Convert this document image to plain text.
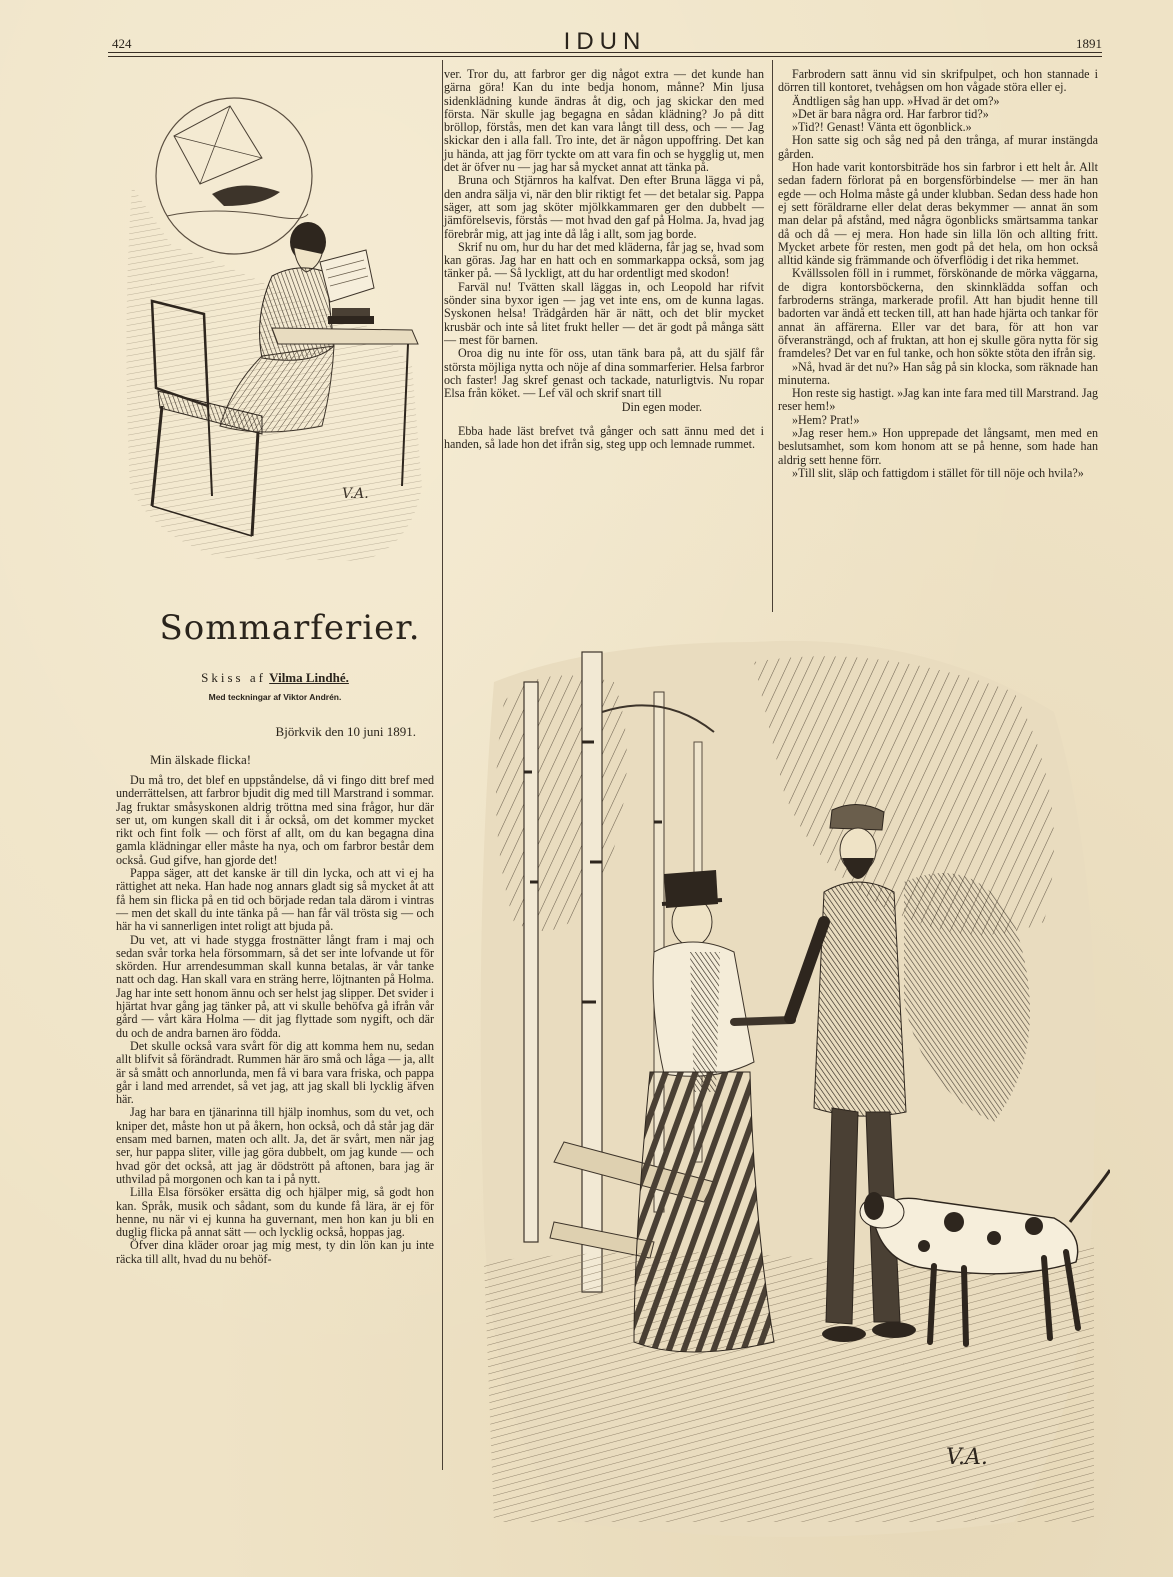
424	IDUN	1891
V.A.
Sommarferier.
Skiss af Vilma Lindhé.
Med teckningar af Viktor Andrén.
Björkvik den 10 juni 1891.
Min älskade flicka!

Du må tro, det blef en uppståndelse, då vi fingo ditt bref med underrättelsen, att farbror bjudit dig med till Marstrand i sommar. Jag fruktar småsyskonen aldrig tröttna med sina frågor, hur där ser ut, om kungen skall dit i år också, om det kommer mycket rikt och fint folk — och först af allt, om du kan begagna dina gamla klädningar eller måste ha nya, och om farbror består dem också. Gud gifve, han gjorde det!

Pappa säger, att det kanske är till din lycka, och att vi ej ha rättighet att neka. Han hade nog annars gladt sig så mycket åt att få hem sin flicka på en tid och började redan tala därom i vintras — men det skall du inte tänka på — han får väl trösta sig — och här ha vi sannerligen intet roligt att bjuda på.

Du vet, att vi hade stygga frostnätter långt fram i maj och sedan svår torka hela försommarn, så det ser inte lofvande ut för skörden. Hur arrendesumman skall kunna betalas, är vår tanke natt och dag. Han skall vara en sträng herre, löjtnanten på Holma. Jag har inte sett honom ännu och ser helst jag slipper. Det svider i hjärtat hvar gång jag tänker på, att vi skulle behöfva gå ifrån vår gård — vårt kära Holma — dit jag flyttade som nygift, och där du och de andra barnen äro födda.

Det skulle också vara svårt för dig att komma hem nu, sedan allt blifvit så förändradt. Rummen här äro små och låga — ja, allt är så smått och annorlunda, men få vi bara vara friska, och pappa går i land med arrendet, så vet jag, att jag skall bli lycklig äfven här.

Jag har bara en tjänarinna till hjälp inomhus, som du vet, och kniper det, måste hon ut på åkern, hon också, och då står jag där ensam med barnen, maten och allt. Ja, det är svårt, men när jag ser, hur pappa sliter, ville jag göra dubbelt, om jag kunde — och hvad gör det också, att jag är dödstrött på aftonen, bara jag är uthvilad på morgonen och kan ta i på nytt.

Lilla Elsa försöker ersätta dig och hjälper mig, så godt hon kan. Språk, musik och sådant, som du kunde få lära, är ej för henne, nu när vi ej kunna ha guvernant, men hon kan ju bli en duglig flicka på annat sätt — och lycklig också, hoppas jag.

Öfver dina kläder oroar jag mig mest, ty din lön kan ju inte räcka till allt, hvad du nu behöf-

ver. Tror du, att farbror ger dig något extra — det kunde han gärna göra! Kan du inte bedja honom, månne? Min ljusa sidenklädning kunde ändras åt dig, och jag skickar den med första. När skulle jag begagna en sådan klädning? Jo på ditt bröllop, förstås, men det kan vara långt till dess, och — — Jag skickar den i alla fall. Tro inte, det är någon uppoffring. Det kan ju hända, att jag förr tyckte om att vara fin och se hygglig ut, men det är öfver nu — jag har så mycket annat att tänka på.

Bruna och Stjärnros ha kalfvat. Den efter Bruna lägga vi på, den andra sälja vi, när den blir riktigt fet — det betalar sig. Pappa säger, att som jag sköter mjölkkammaren ger den dubbelt — jämförelsevis, förstås — mot hvad den gaf på Holma. Ja, hvad jag förebrår mig, att jag inte då låg i allt, som jag borde.

Skrif nu om, hur du har det med kläderna, får jag se, hvad som kan göras. Jag har en hatt och en sommarkappa också, som jag tänker på. — Så lyckligt, att du har ordentligt med skodon!

Farväl nu! Tvätten skall läggas in, och Leopold har rifvit sönder sina byxor igen — jag vet inte ens, om de kunna lagas. Syskonen helsa! Trädgården här är nätt, och det blir mycket krusbär och inte så litet frukt heller — det är godt på många sätt — mest för barnen.

Oroa dig nu inte för oss, utan tänk bara på, att du själf får största möjliga nytta och nöje af dina sommarferier. Helsa farbror och faster! Jag skref genast och tackade, naturligtvis. Nu ropar Elsa från köket. — Lef väl och skrif snart till

Din egen moder.

Ebba hade läst brefvet två gånger och satt ännu med det i handen, så lade hon det ifrån sig, steg upp och lemnade rummet.

Farbrodern satt ännu vid sin skrifpulpet, och hon stannade i dörren till kontoret, tvehågsen om hon vågade störa eller ej.

Ändtligen såg han upp. »Hvad är det om?»

»Det är bara några ord. Har farbror tid?»

»Tid?! Genast! Vänta ett ögonblick.»

Hon satte sig och såg ned på den trånga, af murar instängda gården.

Hon hade varit kontorsbiträde hos sin farbror i ett helt år. Allt sedan fadern förlorat på en borgensförbindelse — mer än han egde — och Holma måste gå under klubban. Sedan dess hade hon ej sett föräldrarne eller delat deras bekymmer — annat än som man delar på afstånd, med några ögonblicks smärtsamma tankar då och då — ej mera. Hon hade sin lilla lön och allting fritt. Mycket arbete för resten, men godt på det hela, om hon också alltid kände sig främmande och öfverflödig i det rika hemmet.

Kvällssolen föll in i rummet, förskönande de mörka väggarna, de digra kontorsböckerna, den skinnklädda soffan och farbroderns stränga, markerade profil. Att han bjudit henne till badorten var ändå ett tecken till, att han hade hjärta och tankar för annat än affärerna. Eller var det bara, för att hon var öfveransträngd, och af fruktan, att hon ej skulle göra nytta för sig framdeles? Det var en ful tanke, och hon sökte stöta den ifrån sig.

»Nå, hvad är det nu?» Han såg på sin klocka, som räknade han minuterna.

Hon reste sig hastigt. »Jag kan inte fara med till Marstrand. Jag reser hem!»

»Hem? Prat!»

»Jag reser hem.» Hon upprepade det långsamt, men med en beslutsamhet, som kom honom att se på henne, som hade han aldrig sett henne förr.

»Till slit, släp och fattigdom i stället för till nöje och hvila?»

V.A.
